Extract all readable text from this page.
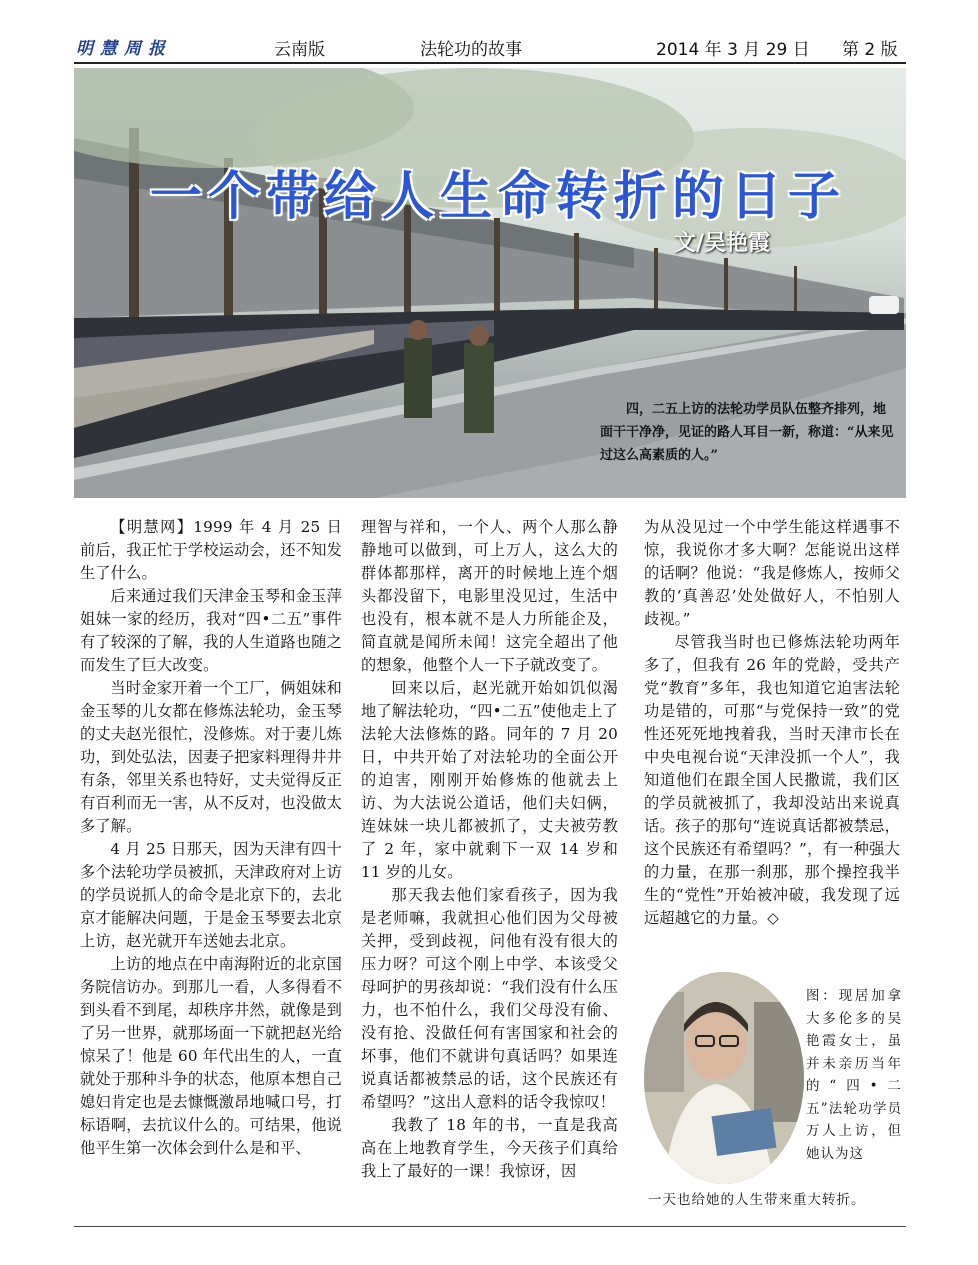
明慧周报	云南版	法轮功的故事	2014 年 3 月 29 日 第 2 版
一个带给人生命转折的日子
文/吴艳霞
四，二五上访的法轮功学员队伍整齐排列，地面干干净净，见证的路人耳目一新，称道：“从来见过这么高素质的人。”

【明慧网】1999 年 4 月 25 日前后，我正忙于学校运动会，还不知发生了什么。

后来通过我们天津金玉琴和金玉萍姐妹一家的经历，我对“四•二五”事件有了较深的了解，我的人生道路也随之而发生了巨大改变。

当时金家开着一个工厂，俩姐妹和金玉琴的儿女都在修炼法轮功，金玉琴的丈夫赵光很忙，没修炼。对于妻儿炼功，到处弘法，因妻子把家料理得井井有条，邻里关系也特好，丈夫觉得反正有百利而无一害，从不反对，也没做太多了解。

4 月 25 日那天，因为天津有四十多个法轮功学员被抓，天津政府对上访的学员说抓人的命令是北京下的，去北京才能解决问题，于是金玉琴要去北京上访，赵光就开车送她去北京。

上访的地点在中南海附近的北京国务院信访办。到那儿一看，人多得看不到头看不到尾，却秩序井然，就像是到了另一世界，就那场面一下就把赵光给惊呆了！他是 60 年代出生的人，一直就处于那种斗争的状态，他原本想自己媳妇肯定也是去慷慨激昂地喊口号，打标语啊，去抗议什么的。可结果，他说他平生第一次体会到什么是和平、

理智与祥和，一个人、两个人那么静静地可以做到，可上万人，这么大的群体都那样，离开的时候地上连个烟头都没留下，电影里没见过，生活中也没有，根本就不是人力所能企及，简直就是闻所未闻！这完全超出了他的想象，他整个人一下子就改变了。

回来以后，赵光就开始如饥似渴地了解法轮功，“四•二五”使他走上了法轮大法修炼的路。同年的 7 月 20 日，中共开始了对法轮功的全面公开的迫害，刚刚开始修炼的他就去上访、为大法说公道话，他们夫妇俩，连妹妹一块儿都被抓了，丈夫被劳教了 2 年，家中就剩下一双 14 岁和 11 岁的儿女。

那天我去他们家看孩子，因为我是老师嘛，我就担心他们因为父母被关押，受到歧视，问他有没有很大的压力呀？可这个刚上中学、本该受父母呵护的男孩却说：“我们没有什么压力，也不怕什么，我们父母没有偷、没有抢、没做任何有害国家和社会的坏事，他们不就讲句真话吗？如果连说真话都被禁忌的话，这个民族还有希望吗？”这出人意料的话令我惊叹！

我教了 18 年的书，一直是我高高在上地教育学生，今天孩子们真给我上了最好的一课！我惊讶，因

为从没见过一个中学生能这样遇事不惊，我说你才多大啊？怎能说出这样的话啊？他说：“我是修炼人，按师父教的‘真善忍’处处做好人，不怕别人歧视。”

尽管我当时也已修炼法轮功两年多了，但我有 26 年的党龄，受共产党“教育”多年，我也知道它迫害法轮功是错的，可那“与党保持一致”的党性还死死地拽着我，当时天津市长在中央电视台说“天津没抓一个人”，我知道他们在跟全国人民撒谎，我们区的学员就被抓了，我却没站出来说真话。孩子的那句“连说真话都被禁忌，这个民族还有希望吗？”，有一种强大的力量，在那一刹那，那个操控我半生的“党性”开始被冲破，我发现了远远超越它的力量。◇

图：现居加拿大多伦多的吴艳霞女士，虽并未亲历当年的“四•二五”法轮功学员万人上访，但她认为这
一天也给她的人生带来重大转折。
